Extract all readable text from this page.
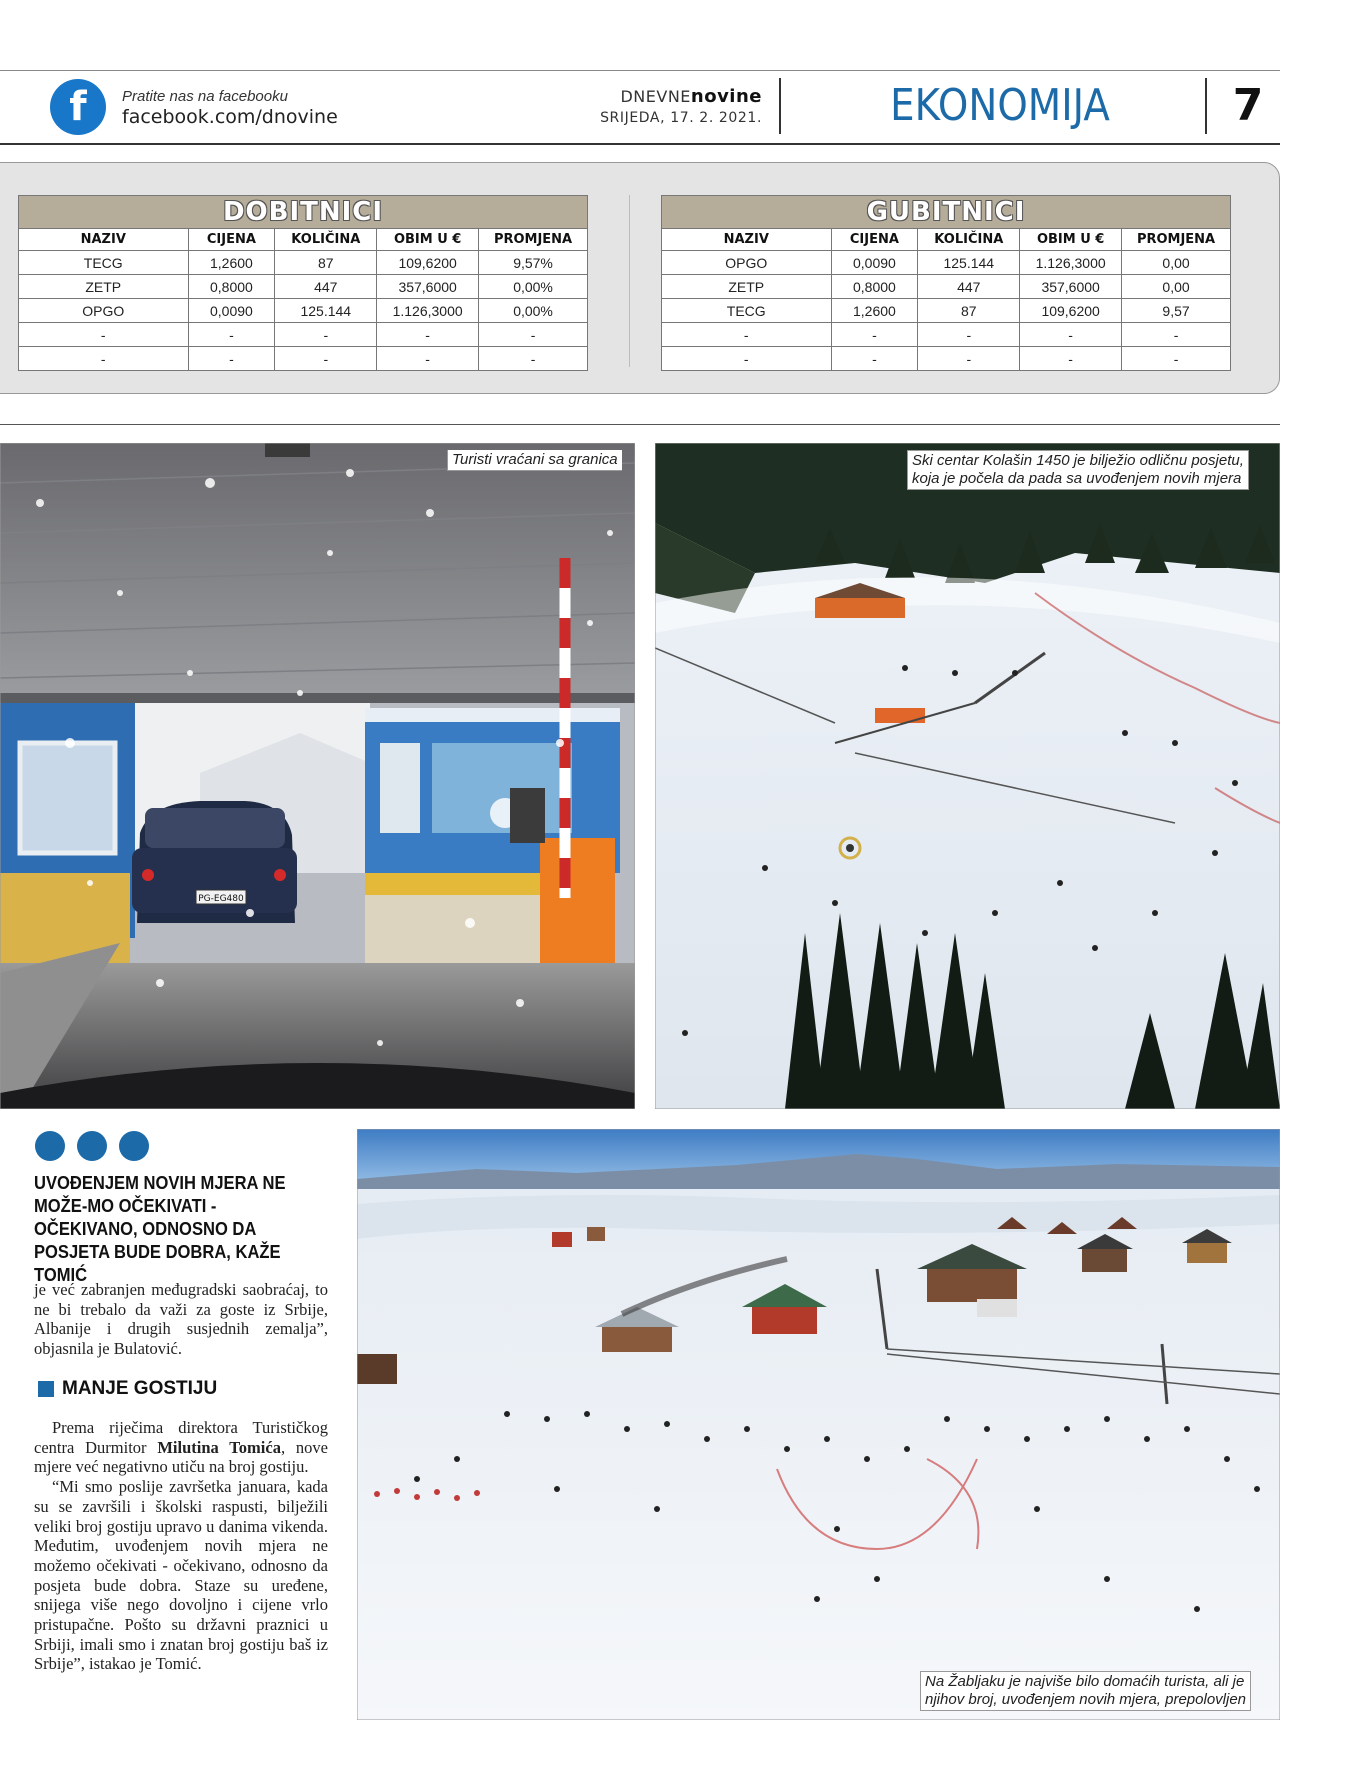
f	Pratite nas na facebooku
facebook.com/dnovine
DNEVNEnovine
SRIJEDA, 17. 2. 2021.	EKONOMIJA	7
DOBITNICI				
NAZIV	CIJENA	KOLIČINA	OBIM U €	PROMJENA
TECG	1,2600	87	109,6200	9,57%
ZETP	0,8000	447	357,6000	0,00%
OPGO	0,0090	125.144	1.126,3000	0,00%
-	-	-	-	-
-	-	-	-	-
GUBITNICI				
NAZIV	CIJENA	KOLIČINA	OBIM U €	PROMJENA
OPGO	0,0090	125.144	1.126,3000	0,00
ZETP	0,8000	447	357,6000	0,00
TECG	1,2600	87	109,6200	9,57
-	-	-	-	-
-	-	-	-	-
PG-EG480
Turisti vraćani sa granica	Ski centar Kolašin 1450 je bilježio odličnu posjetu,
koja je počela da pada sa uvođenjem novih mjera
Na Žabljaku je najviše bilo domaćih turista, ali je
njihov broj, uvođenjem novih mjera, prepolovljen
UVOĐENJEM NOVIH MJERA NE MOŽE-MO OČEKIVATI - OČEKIVANO, ODNOSNO DA POSJETA BUDE DOBRA, KAŽE TOMIĆ
je već zabranjen međugradski saobraćaj, to ne bi trebalo da važi za goste iz Srbije, Albanije i drugih susjednih zemalja”, objasnila je Bulatović.
MANJE GOSTIJU

Prema riječima direktora Turističkog centra Durmitor Milutina Tomića, nove mjere već negativno utiču na broj gostiju.

“Mi smo poslije završetka januara, kada su se završili i školski raspusti, bilježili veliki broj gostiju upravo u danima vikenda. Međutim, uvođenjem novih mjera ne možemo očekivati - očekivano, odnosno da posjeta bude dobra. Staze su uređene, snijega više nego dovoljno i cijene vrlo pristupačne. Pošto su državni praznici u Srbiji, imali smo i znatan broj gostiju baš iz Srbije”, istakao je Tomić.
